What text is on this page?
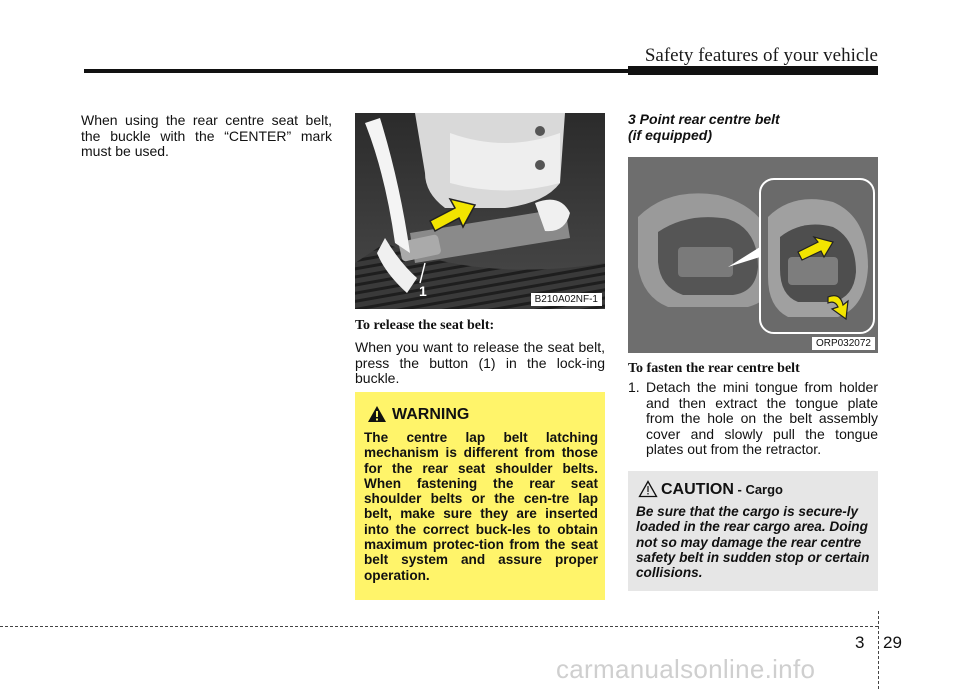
Safety features of your vehicle
When using the rear centre seat belt, the buckle with the “CENTER” mark must be used.
1
B210A02NF-1
To release the seat belt:
When you want to release the seat belt, press the button (1) in the lock-ing buckle.
WARNING
The centre lap belt latching mechanism is different from those for the rear seat shoulder belts. When fastening the rear seat shoulder belts or the cen-tre lap belt, make sure they are inserted into the correct buck-les to obtain maximum protec-tion from the seat belt system and assure proper operation.
3 Point rear centre belt
(if equipped)
ORP032072
To fasten the rear centre belt
1. Detach the mini tongue from holder and then extract the tongue plate from the hole on the belt assembly cover and slowly pull the tongue plates out from the retractor.
CAUTION - Cargo
Be sure that the cargo is secure-ly loaded in the rear cargo area. Doing not so may damage the rear centre safety belt in sudden stop or certain collisions.
3 29
carmanualsonline.info
